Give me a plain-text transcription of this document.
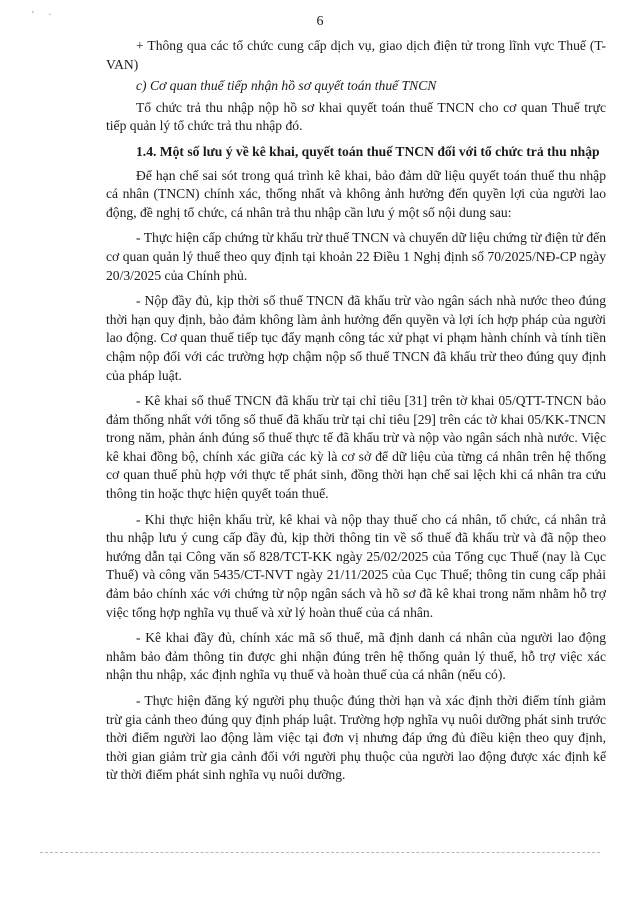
' ·	6

+ Thông qua các tổ chức cung cấp dịch vụ, giao dịch điện tử trong lĩnh vực Thuế (T-VAN)

c) Cơ quan thuế tiếp nhận hồ sơ quyết toán thuế TNCN

Tổ chức trả thu nhập nộp hồ sơ khai quyết toán thuế TNCN cho cơ quan Thuế trực tiếp quản lý tổ chức trả thu nhập đó.

1.4. Một số lưu ý về kê khai, quyết toán thuế TNCN đối với tổ chức trả thu nhập

Để hạn chế sai sót trong quá trình kê khai, bảo đảm dữ liệu quyết toán thuế thu nhập cá nhân (TNCN) chính xác, thống nhất và không ảnh hưởng đến quyền lợi của người lao động, đề nghị tổ chức, cá nhân trả thu nhập cần lưu ý một số nội dung sau:

- Thực hiện cấp chứng từ khấu trừ thuế TNCN và chuyển dữ liệu chứng từ điện tử đến cơ quan quản lý thuế theo quy định tại khoản 22 Điều 1 Nghị định số 70/2025/NĐ-CP ngày 20/3/2025 của Chính phủ.

- Nộp đầy đủ, kịp thời số thuế TNCN đã khấu trừ vào ngân sách nhà nước theo đúng thời hạn quy định, bảo đảm không làm ảnh hưởng đến quyền và lợi ích hợp pháp của người lao động. Cơ quan thuế tiếp tục đẩy mạnh công tác xử phạt vi phạm hành chính và tính tiền chậm nộp đối với các trường hợp chậm nộp số thuế TNCN đã khấu trừ theo đúng quy định của pháp luật.

- Kê khai số thuế TNCN đã khấu trừ tại chỉ tiêu [31] trên tờ khai 05/QTT-TNCN bảo đảm thống nhất với tổng số thuế đã khấu trừ tại chỉ tiêu [29] trên các tờ khai 05/KK-TNCN trong năm, phản ánh đúng số thuế thực tế đã khấu trừ và nộp vào ngân sách nhà nước. Việc kê khai đồng bộ, chính xác giữa các kỳ là cơ sở để dữ liệu của từng cá nhân trên hệ thống cơ quan thuế phù hợp với thực tế phát sinh, đồng thời hạn chế sai lệch khi cá nhân tra cứu thông tin hoặc thực hiện quyết toán thuế.

- Khi thực hiện khấu trừ, kê khai và nộp thay thuế cho cá nhân, tổ chức, cá nhân trả thu nhập lưu ý cung cấp đầy đủ, kịp thời thông tin về số thuế đã khấu trừ và đã nộp theo hướng dẫn tại Công văn số 828/TCT-KK ngày 25/02/2025 của Tổng cục Thuế (nay là Cục Thuế) và công văn 5435/CT-NVT ngày 21/11/2025 của Cục Thuế; thông tin cung cấp phải đảm bảo chính xác với chứng từ nộp ngân sách và hồ sơ đã kê khai trong năm nhằm hỗ trợ việc tổng hợp nghĩa vụ thuế và xử lý hoàn thuế của cá nhân.

- Kê khai đầy đủ, chính xác mã số thuế, mã định danh cá nhân của người lao động nhằm bảo đảm thông tin được ghi nhận đúng trên hệ thống quản lý thuế, hỗ trợ việc xác nhận thu nhập, xác định nghĩa vụ thuế và hoàn thuế của cá nhân (nếu có).

- Thực hiện đăng ký người phụ thuộc đúng thời hạn và xác định thời điểm tính giảm trừ gia cảnh theo đúng quy định pháp luật. Trường hợp nghĩa vụ nuôi dưỡng phát sinh trước thời điểm người lao động làm việc tại đơn vị nhưng đáp ứng đủ điều kiện theo quy định, thời gian giảm trừ gia cảnh đối với người phụ thuộc của người lao động được xác định kể từ thời điểm phát sinh nghĩa vụ nuôi dưỡng.
